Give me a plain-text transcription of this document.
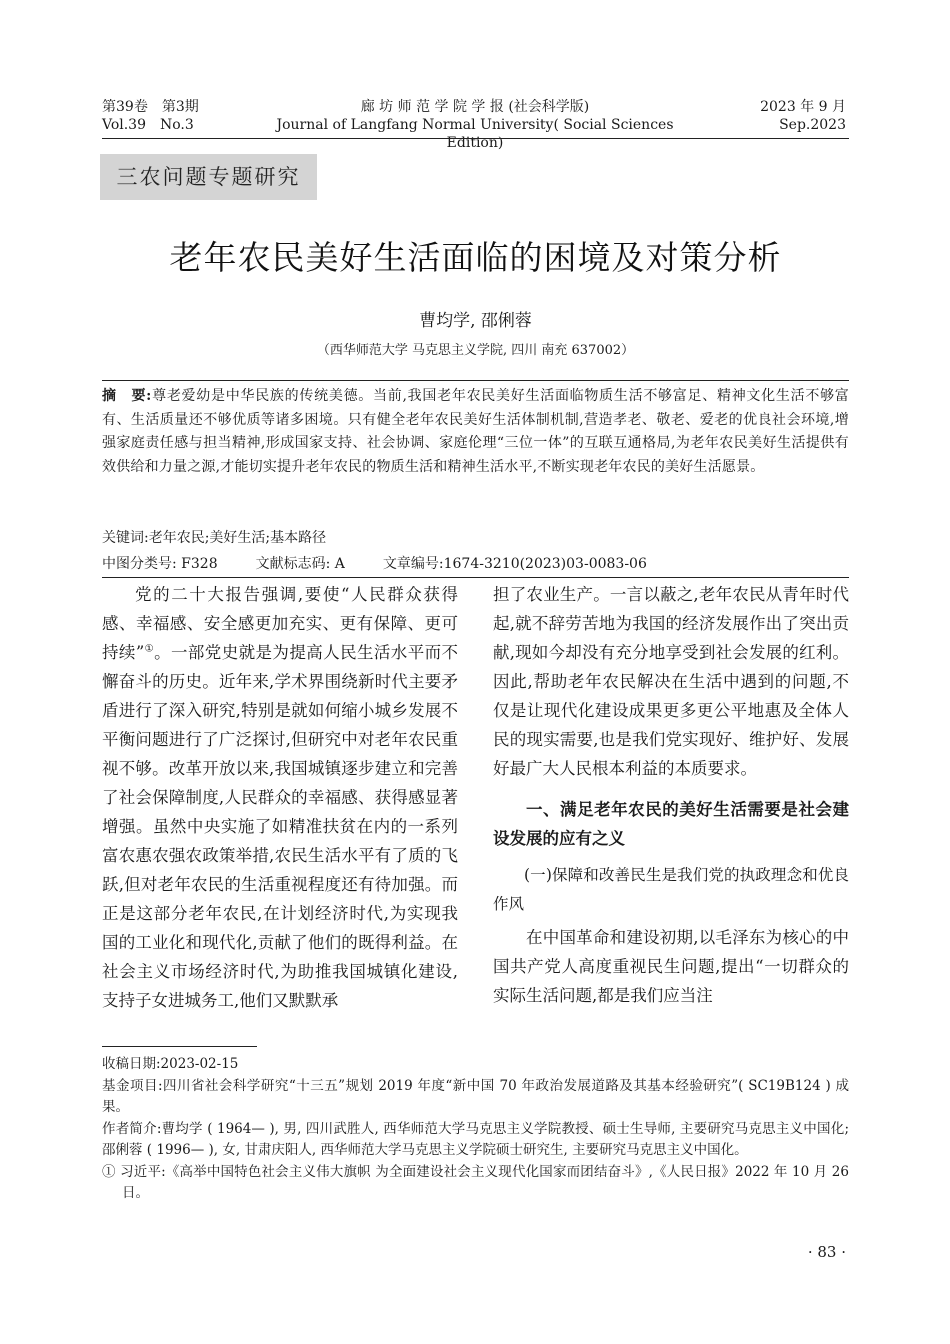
第39卷　第3期
Vol.39　No.3
廊 坊 师 范 学 院 学 报 (社会科学版)
Journal of Langfang Normal University( Social Sciences Edition)
2023 年 9 月
Sep.2023
三农问题专题研究
老年农民美好生活面临的困境及对策分析
曹均学, 邵俐蓉
（西华师范大学 马克思主义学院, 四川 南充 637002）
摘　要:尊老爱幼是中华民族的传统美德。当前,我国老年农民美好生活面临物质生活不够富足、精神文化生活不够富有、生活质量还不够优质等诸多困境。只有健全老年农民美好生活体制机制,营造孝老、敬老、爱老的优良社会环境,增强家庭责任感与担当精神,形成国家支持、社会协调、家庭伦理“三位一体”的互联互通格局,为老年农民美好生活提供有效供给和力量之源,才能切实提升老年农民的物质生活和精神生活水平,不断实现老年农民的美好生活愿景。
关键词:老年农民;美好生活;基本路径
中图分类号: F328	文献标志码: A	文章编号:1674-3210(2023)03-0083-06

党的二十大报告强调,要使“人民群众获得感、幸福感、安全感更加充实、更有保障、更可持续”①。一部党史就是为提高人民生活水平而不懈奋斗的历史。近年来,学术界围绕新时代主要矛盾进行了深入研究,特别是就如何缩小城乡发展不平衡问题进行了广泛探讨,但研究中对老年农民重视不够。改革开放以来,我国城镇逐步建立和完善了社会保障制度,人民群众的幸福感、获得感显著增强。虽然中央实施了如精准扶贫在内的一系列富农惠农强农政策举措,农民生活水平有了质的飞跃,但对老年农民的生活重视程度还有待加强。而正是这部分老年农民,在计划经济时代,为实现我国的工业化和现代化,贡献了他们的既得利益。在社会主义市场经济时代,为助推我国城镇化建设,支持子女进城务工,他们又默默承

担了农业生产。一言以蔽之,老年农民从青年时代起,就不辞劳苦地为我国的经济发展作出了突出贡献,现如今却没有充分地享受到社会发展的红利。因此,帮助老年农民解决在生活中遇到的问题,不仅是让现代化建设成果更多更公平地惠及全体人民的现实需要,也是我们党实现好、维护好、发展好最广大人民根本利益的本质要求。

一、满足老年农民的美好生活需要是社会建设发展的应有之义
(一)保障和改善民生是我们党的执政理念和优良作风

在中国革命和建设初期,以毛泽东为核心的中国共产党人高度重视民生问题,提出“一切群众的实际生活问题,都是我们应当注

收稿日期:2023-02-15
基金项目:四川省社会科学研究“十三五”规划 2019 年度“新中国 70 年政治发展道路及其基本经验研究”( SC19B124 ) 成果。
作者简介:曹均学 ( 1964— ), 男, 四川武胜人, 西华师范大学马克思主义学院教授、硕士生导师, 主要研究马克思主义中国化; 邵俐蓉 ( 1996— ), 女, 甘肃庆阳人, 西华师范大学马克思主义学院硕士研究生, 主要研究马克思主义中国化。
① 习近平:《高举中国特色社会主义伟大旗帜 为全面建设社会主义现代化国家而团结奋斗》,《人民日报》2022 年 10 月 26 日。
· 83 ·
